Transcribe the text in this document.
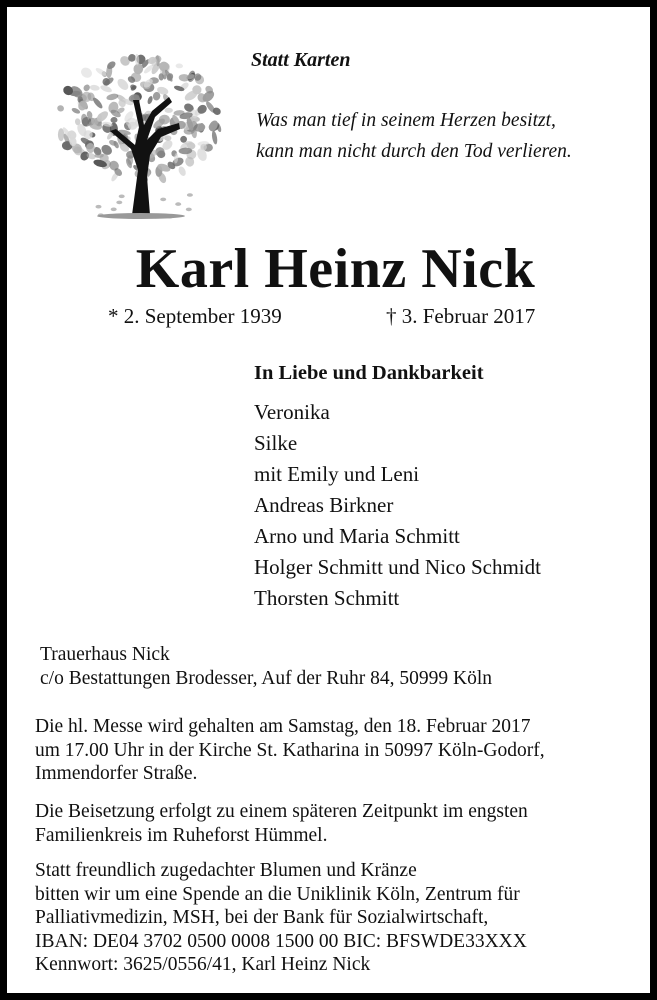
Statt Karten
Was man tief in seinem Herzen besitzt,
kann man nicht durch den Tod verlieren.
Karl Heinz Nick
* 2. September 1939	† 3. Februar 2017
In Liebe und Dankbarkeit
Veronika
Silke
mit Emily und Leni
Andreas Birkner
Arno und Maria Schmitt
Holger Schmitt und Nico Schmidt
Thorsten Schmitt
Trauerhaus Nick
c/o Bestattungen Brodesser, Auf der Ruhr 84, 50999 Köln
Die hl. Messe wird gehalten am Samstag, den 18. Februar 2017
um 17.00 Uhr in der Kirche St. Katharina in 50997 Köln-Godorf,
Immendorfer Straße.
Die Beisetzung erfolgt zu einem späteren Zeitpunkt im engsten
Familienkreis im Ruheforst Hümmel.
Statt freundlich zugedachter Blumen und Kränze
bitten wir um eine Spende an die Uniklinik Köln, Zentrum für
Palliativmedizin, MSH, bei der Bank für Sozialwirtschaft,
IBAN: DE04 3702 0500 0008 1500 00 BIC: BFSWDE33XXX
Kennwort: 3625/0556/41, Karl Heinz Nick
